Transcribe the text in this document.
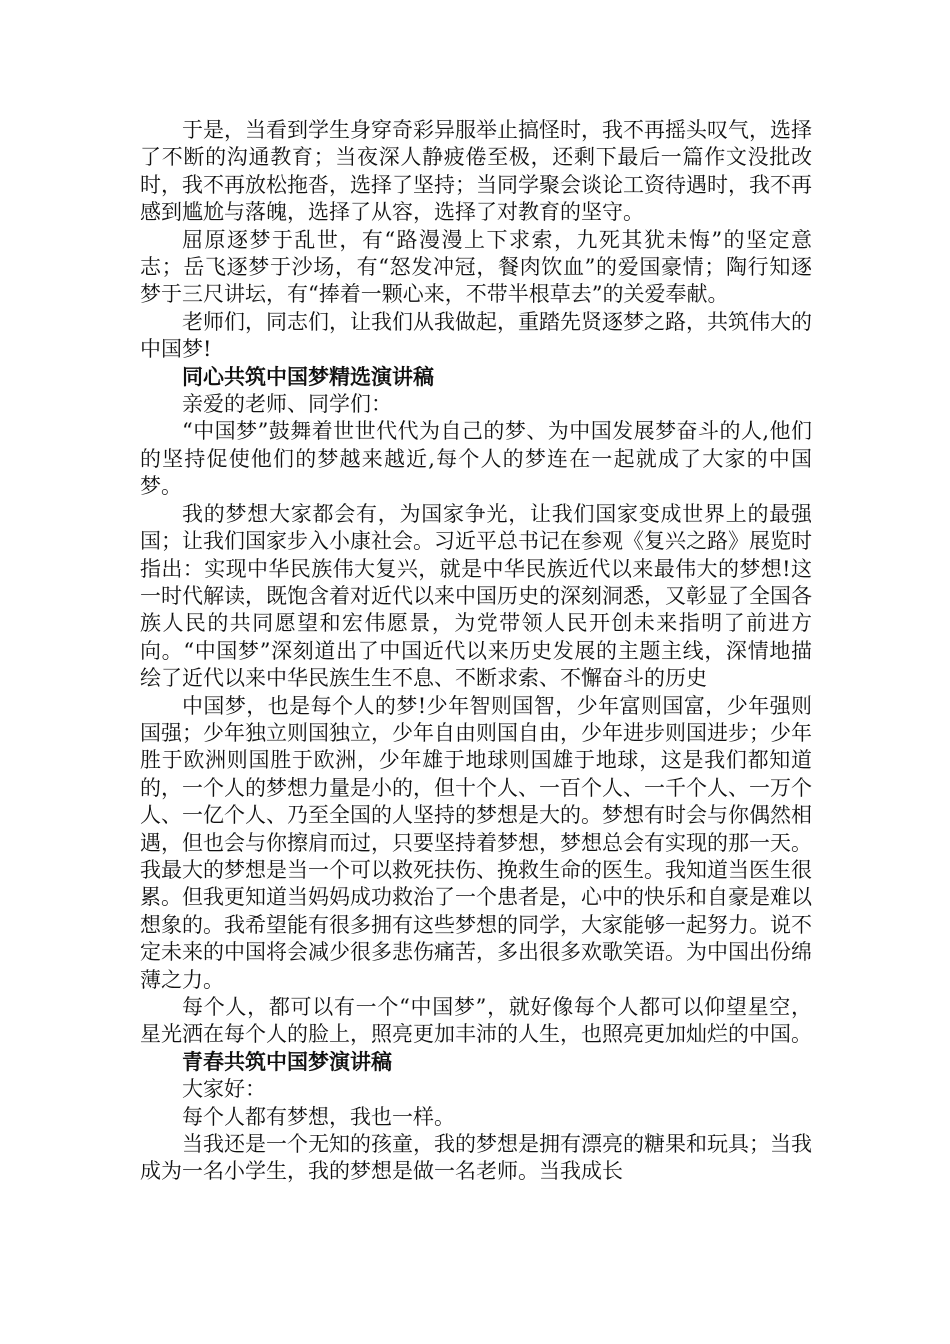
于是，当看到学生身穿奇彩异服举止搞怪时，我不再摇头叹气，选择了不断的沟通教育；当夜深人静疲倦至极，还剩下最后一篇作文没批改时，我不再放松拖沓，选择了坚持；当同学聚会谈论工资待遇时，我不再感到尴尬与落魄，选择了从容，选择了对教育的坚守。

屈原逐梦于乱世，有“路漫漫上下求索，九死其犹未悔”的坚定意志；岳飞逐梦于沙场，有“怒发冲冠，餐肉饮血”的爱国豪情；陶行知逐梦于三尺讲坛，有“捧着一颗心来，不带半根草去”的关爱奉献。

老师们，同志们，让我们从我做起，重踏先贤逐梦之路，共筑伟大的中国梦!

同心共筑中国梦精选演讲稿

亲爱的老师、同学们：

“中国梦”鼓舞着世世代代为自己的梦、为中国发展梦奋斗的人,他们的坚持促使他们的梦越来越近,每个人的梦连在一起就成了大家的中国梦。

我的梦想大家都会有，为国家争光，让我们国家变成世界上的最强国；让我们国家步入小康社会。习近平总书记在参观《复兴之路》展览时指出：实现中华民族伟大复兴，就是中华民族近代以来最伟大的梦想!这一时代解读，既饱含着对近代以来中国历史的深刻洞悉，又彰显了全国各族人民的共同愿望和宏伟愿景，为党带领人民开创未来指明了前进方向。“中国梦”深刻道出了中国近代以来历史发展的主题主线，深情地描绘了近代以来中华民族生生不息、不断求索、不懈奋斗的历史

中国梦，也是每个人的梦!少年智则国智，少年富则国富，少年强则国强；少年独立则国独立，少年自由则国自由，少年进步则国进步；少年胜于欧洲则国胜于欧洲，少年雄于地球则国雄于地球，这是我们都知道的，一个人的梦想力量是小的，但十个人、一百个人、一千个人、一万个人、一亿个人、乃至全国的人坚持的梦想是大的。梦想有时会与你偶然相遇，但也会与你擦肩而过，只要坚持着梦想，梦想总会有实现的那一天。我最大的梦想是当一个可以救死扶伤、挽救生命的医生。我知道当医生很累。但我更知道当妈妈成功救治了一个患者是，心中的快乐和自豪是难以想象的。我希望能有很多拥有这些梦想的同学，大家能够一起努力。说不定未来的中国将会减少很多悲伤痛苦，多出很多欢歌笑语。为中国出份绵薄之力。

每个人，都可以有一个“中国梦”，就好像每个人都可以仰望星空，星光洒在每个人的脸上，照亮更加丰沛的人生，也照亮更加灿烂的中国。

青春共筑中国梦演讲稿

大家好：

每个人都有梦想，我也一样。

当我还是一个无知的孩童，我的梦想是拥有漂亮的糖果和玩具；当我成为一名小学生，我的梦想是做一名老师。当我成长
